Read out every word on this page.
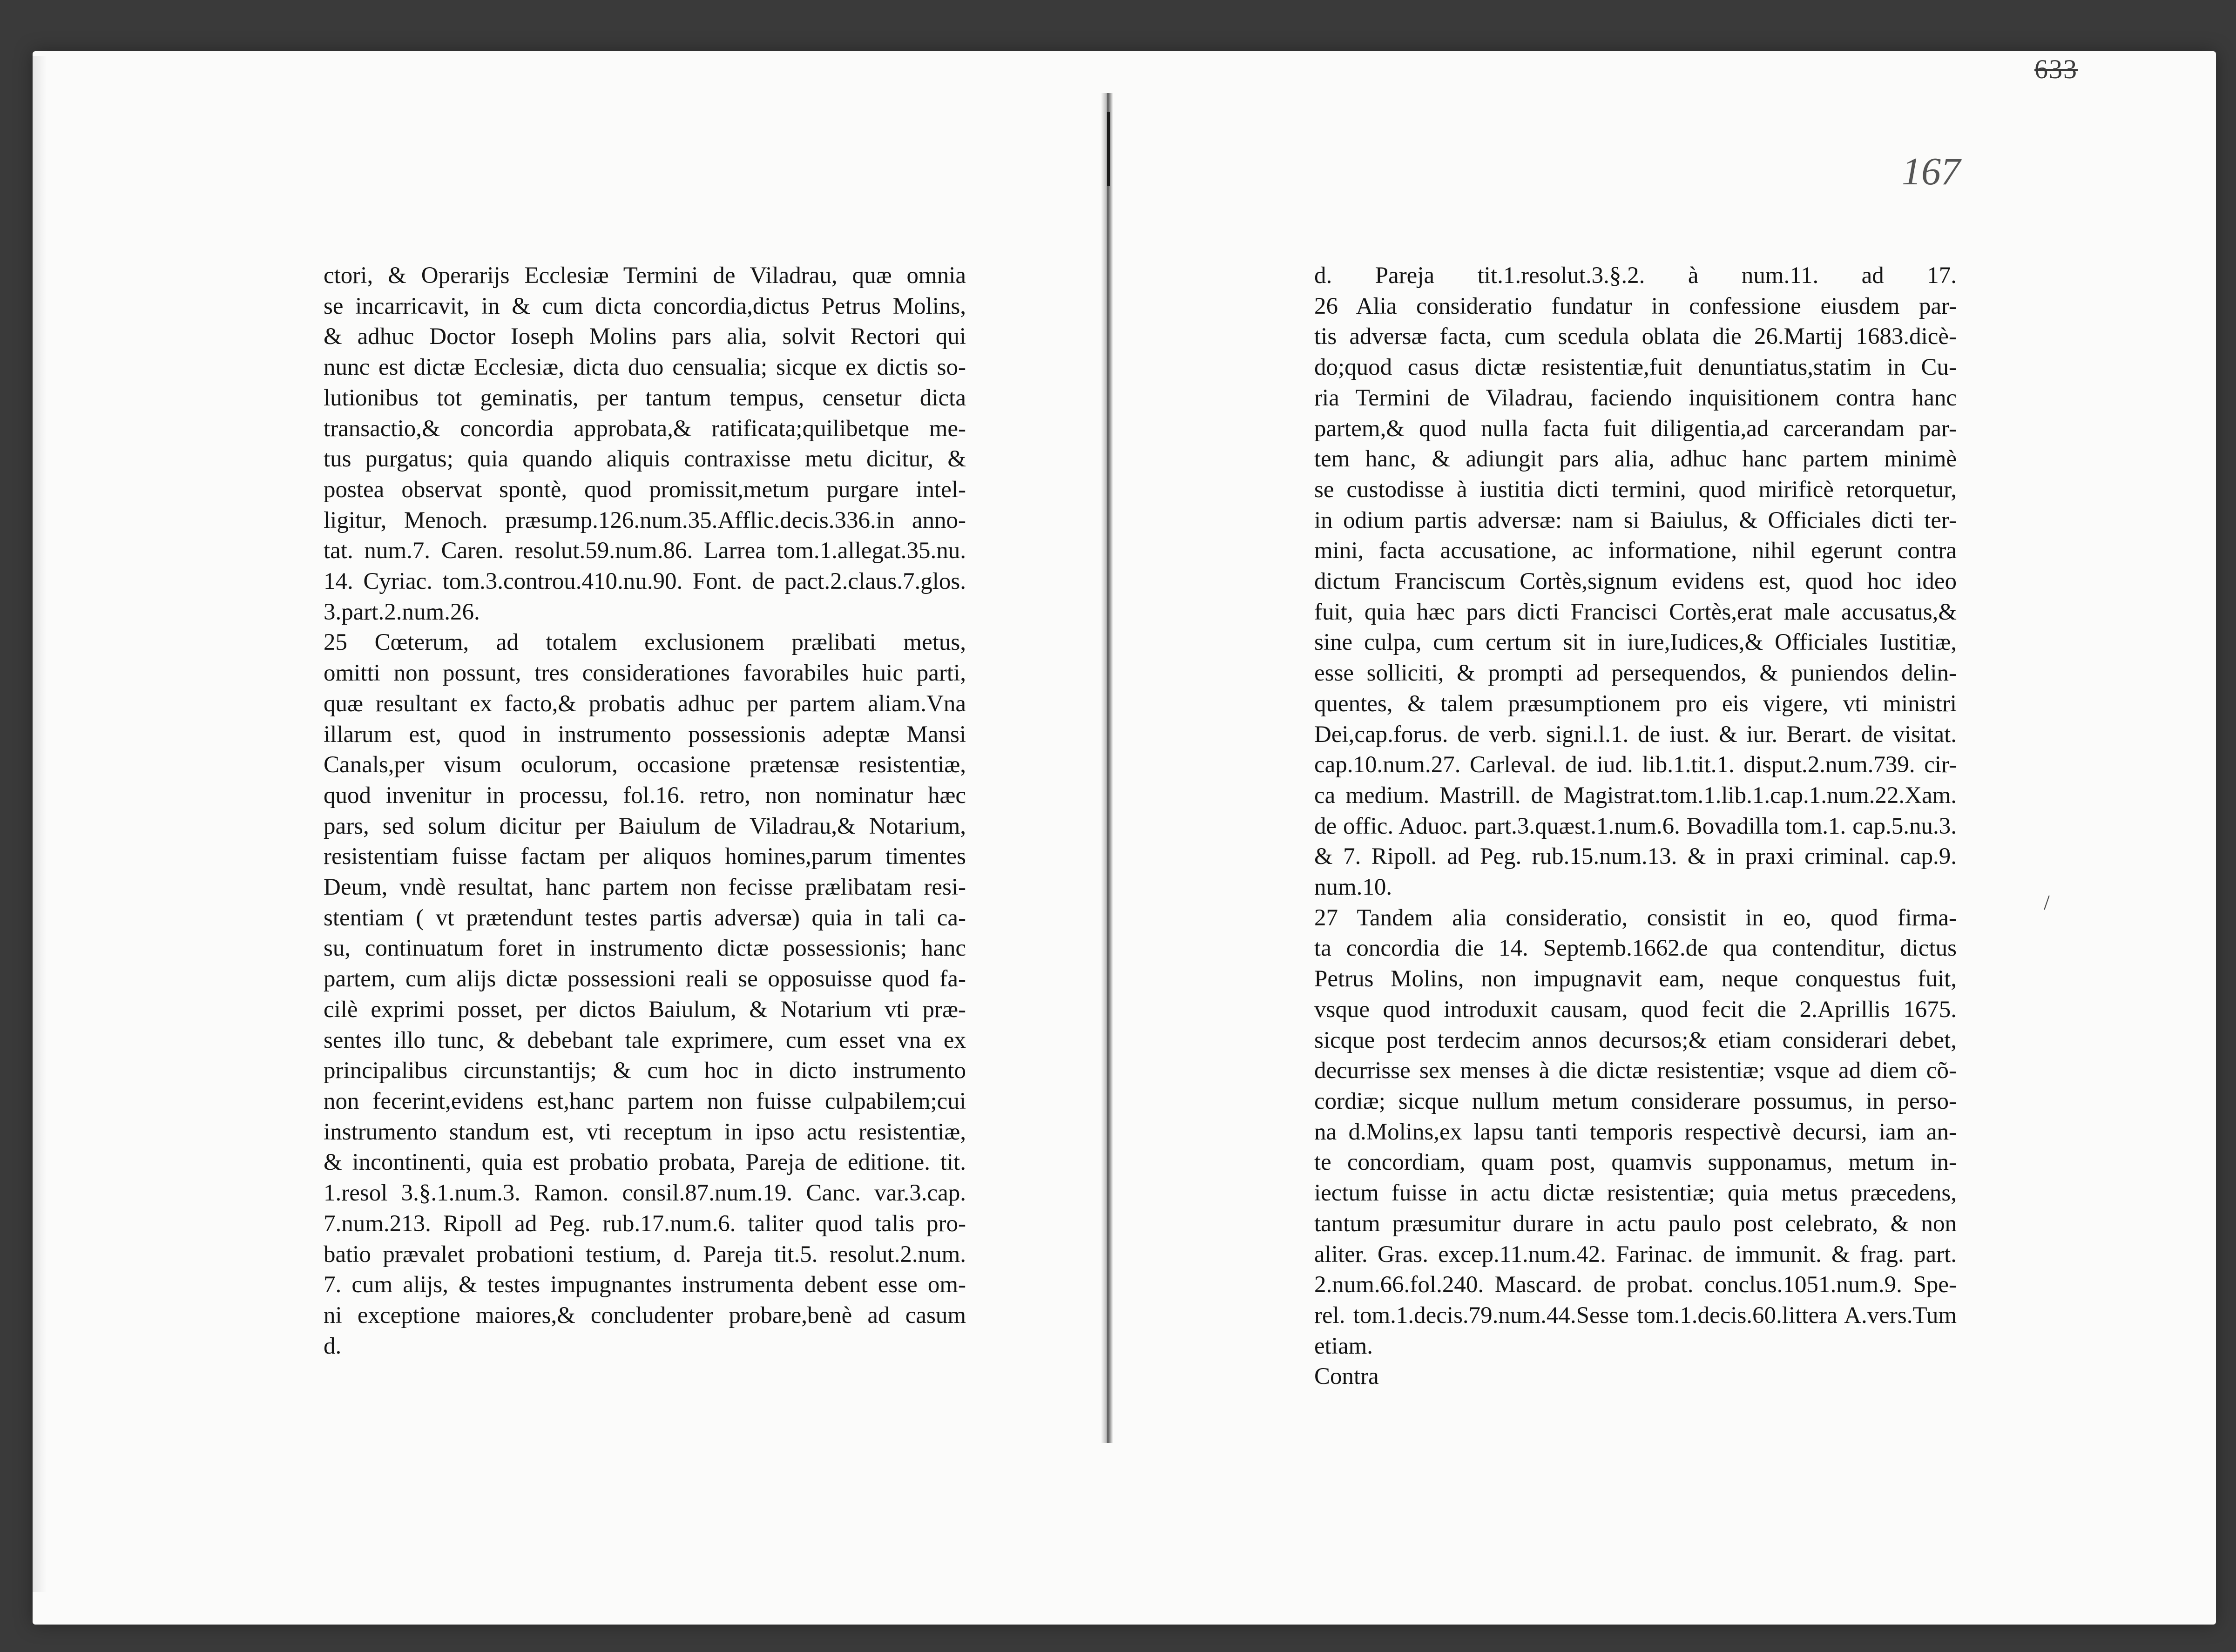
633
167
/

ctori, & Operarijs Ecclesiæ Termini de Viladrau, quæ omnia

se incarricavit, in & cum dicta concordia,dictus Petrus Molins,

& adhuc Doctor Ioseph Molins pars alia, solvit Rectori qui

nunc est dictæ Ecclesiæ, dicta duo censualia; sicque ex dictis so-

lutionibus tot geminatis, per tantum tempus, censetur dicta

transactio,& concordia approbata,& ratificata;quilibetque me-

tus purgatus; quia quando aliquis contraxisse metu dicitur, &

postea observat spontè, quod promissit,metum purgare intel-

ligitur, Menoch. præsump.126.num.35.Afflic.decis.336.in anno-

tat. num.7. Caren. resolut.59.num.86. Larrea tom.1.allegat.35.nu.

14. Cyriac. tom.3.controu.410.nu.90. Font. de pact.2.claus.7.glos.

3.part.2.num.26.

25 Cœterum, ad totalem exclusionem prælibati metus,

omitti non possunt, tres considerationes favorabiles huic parti,

quæ resultant ex facto,& probatis adhuc per partem aliam.Vna

illarum est, quod in instrumento possessionis adeptæ Mansi

Canals,per visum oculorum, occasione prætensæ resistentiæ,

quod invenitur in processu, fol.16. retro, non nominatur hæc

pars, sed solum dicitur per Baiulum de Viladrau,& Notarium,

resistentiam fuisse factam per aliquos homines,parum timentes

Deum, vndè resultat, hanc partem non fecisse prælibatam resi-

stentiam ( vt prætendunt testes partis adversæ) quia in tali ca-

su, continuatum foret in instrumento dictæ possessionis; hanc

partem, cum alijs dictæ possessioni reali se opposuisse quod fa-

cilè exprimi posset, per dictos Baiulum, & Notarium vti præ-

sentes illo tunc, & debebant tale exprimere, cum esset vna ex

principalibus circunstantijs; & cum hoc in dicto instrumento

non fecerint,evidens est,hanc partem non fuisse culpabilem;cui

instrumento standum est, vti receptum in ipso actu resistentiæ,

& incontinenti, quia est probatio probata, Pareja de editione. tit.

1.resol 3.§.1.num.3. Ramon. consil.87.num.19. Canc. var.3.cap.

7.num.213. Ripoll ad Peg. rub.17.num.6. taliter quod talis pro-

batio prævalet probationi testium, d. Pareja tit.5. resolut.2.num.

7. cum alijs, & testes impugnantes instrumenta debent esse om-

ni exceptione maiores,& concludenter probare,benè ad casum

d.

d. Pareja tit.1.resolut.3.§.2. à num.11. ad 17.

26 Alia consideratio fundatur in confessione eiusdem par-

tis adversæ facta, cum scedula oblata die 26.Martij 1683.dicè-

do;quod casus dictæ resistentiæ,fuit denuntiatus,statim in Cu-

ria Termini de Viladrau, faciendo inquisitionem contra hanc

partem,& quod nulla facta fuit diligentia,ad carcerandam par-

tem hanc, & adiungit pars alia, adhuc hanc partem minimè

se custodisse à iustitia dicti termini, quod mirificè retorquetur,

in odium partis adversæ: nam si Baiulus, & Officiales dicti ter-

mini, facta accusatione, ac informatione, nihil egerunt contra

dictum Franciscum Cortès,signum evidens est, quod hoc ideo

fuit, quia hæc pars dicti Francisci Cortès,erat male accusatus,&

sine culpa, cum certum sit in iure,Iudices,& Officiales Iustitiæ,

esse solliciti, & prompti ad persequendos, & puniendos delin-

quentes, & talem præsumptionem pro eis vigere, vti ministri

Dei,cap.forus. de verb. signi.l.1. de iust. & iur. Berart. de visitat.

cap.10.num.27. Carleval. de iud. lib.1.tit.1. disput.2.num.739. cir-

ca medium. Mastrill. de Magistrat.tom.1.lib.1.cap.1.num.22.Xam.

de offic. Aduoc. part.3.quæst.1.num.6. Bovadilla tom.1. cap.5.nu.3.

& 7. Ripoll. ad Peg. rub.15.num.13. & in praxi criminal. cap.9.

num.10.

27 Tandem alia consideratio, consistit in eo, quod firma-

ta concordia die 14. Septemb.1662.de qua contenditur, dictus

Petrus Molins, non impugnavit eam, neque conquestus fuit,

vsque quod introduxit causam, quod fecit die 2.Aprillis 1675.

sicque post terdecim annos decursos;& etiam considerari debet,

decurrisse sex menses à die dictæ resistentiæ; vsque ad diem cõ-

cordiæ; sicque nullum metum considerare possumus, in perso-

na d.Molins,ex lapsu tanti temporis respectivè decursi, iam an-

te concordiam, quam post, quamvis supponamus, metum in-

iectum fuisse in actu dictæ resistentiæ; quia metus præcedens,

tantum præsumitur durare in actu paulo post celebrato, & non

aliter. Gras. excep.11.num.42. Farinac. de immunit. & frag. part.

2.num.66.fol.240. Mascard. de probat. conclus.1051.num.9. Spe-

rel. tom.1.decis.79.num.44.Sesse tom.1.decis.60.littera A.vers.Tum

etiam.

Contra
